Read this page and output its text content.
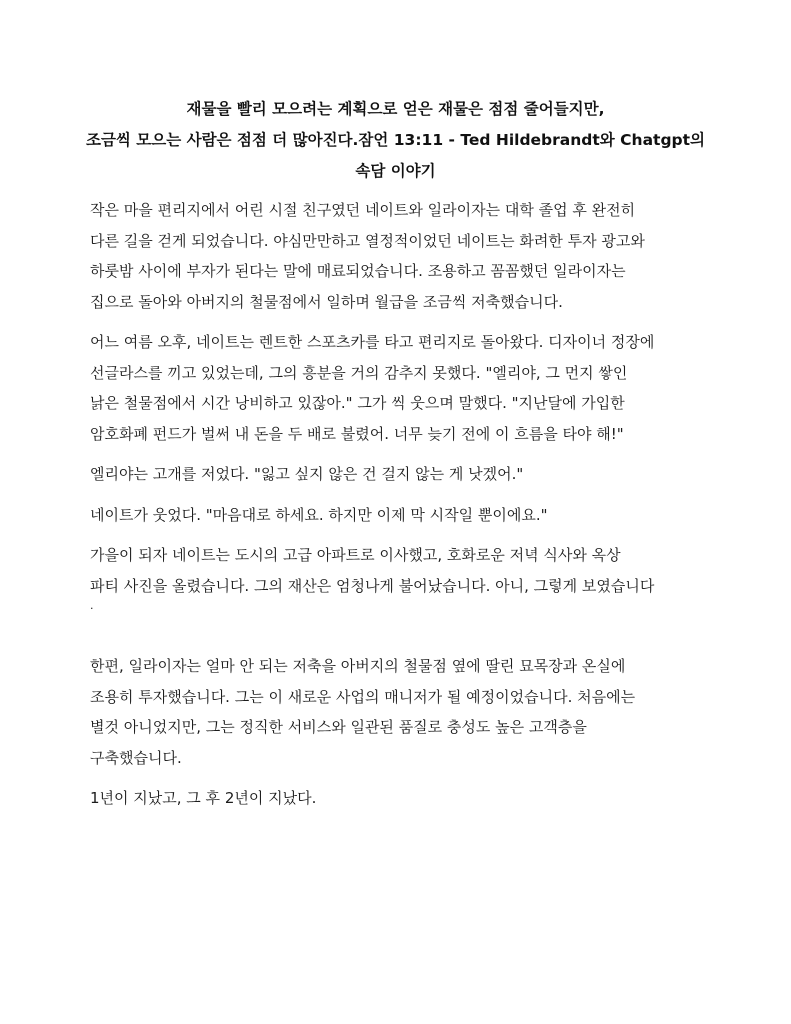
재물을 빨리 모으려는 계획으로 얻은 재물은 점점 줄어들지만,
조금씩 모으는 사람은 점점 더 많아진다.잠언 13:11 - Ted Hildebrandt와 Chatgpt의
속담 이야기

작은 마을 편리지에서 어린 시절 친구였던 네이트와 일라이자는 대학 졸업 후 완전히
다른 길을 걷게 되었습니다. 야심만만하고 열정적이었던 네이트는 화려한 투자 광고와
하룻밤 사이에 부자가 된다는 말에 매료되었습니다. 조용하고 꼼꼼했던 일라이자는
집으로 돌아와 아버지의 철물점에서 일하며 월급을 조금씩 저축했습니다.

어느 여름 오후, 네이트는 렌트한 스포츠카를 타고 편리지로 돌아왔다. 디자이너 정장에
선글라스를 끼고 있었는데, 그의 흥분을 거의 감추지 못했다. "엘리야, 그 먼지 쌓인
낡은 철물점에서 시간 낭비하고 있잖아." 그가 씩 웃으며 말했다. "지난달에 가입한
암호화폐 펀드가 벌써 내 돈을 두 배로 불렸어. 너무 늦기 전에 이 흐름을 타야 해!"

엘리야는 고개를 저었다. "잃고 싶지 않은 건 걸지 않는 게 낫겠어."

네이트가 웃었다. "마음대로 하세요. 하지만 이제 막 시작일 뿐이에요."

가을이 되자 네이트는 도시의 고급 아파트로 이사했고, 호화로운 저녁 식사와 옥상
파티 사진을 올렸습니다. 그의 재산은 엄청나게 불어났습니다. 아니, 그렇게 보였습니다
.

한편, 일라이자는 얼마 안 되는 저축을 아버지의 철물점 옆에 딸린 묘목장과 온실에
조용히 투자했습니다. 그는 이 새로운 사업의 매니저가 될 예정이었습니다. 처음에는
별것 아니었지만, 그는 정직한 서비스와 일관된 품질로 충성도 높은 고객층을
구축했습니다.

1년이 지났고, 그 후 2년이 지났다.
